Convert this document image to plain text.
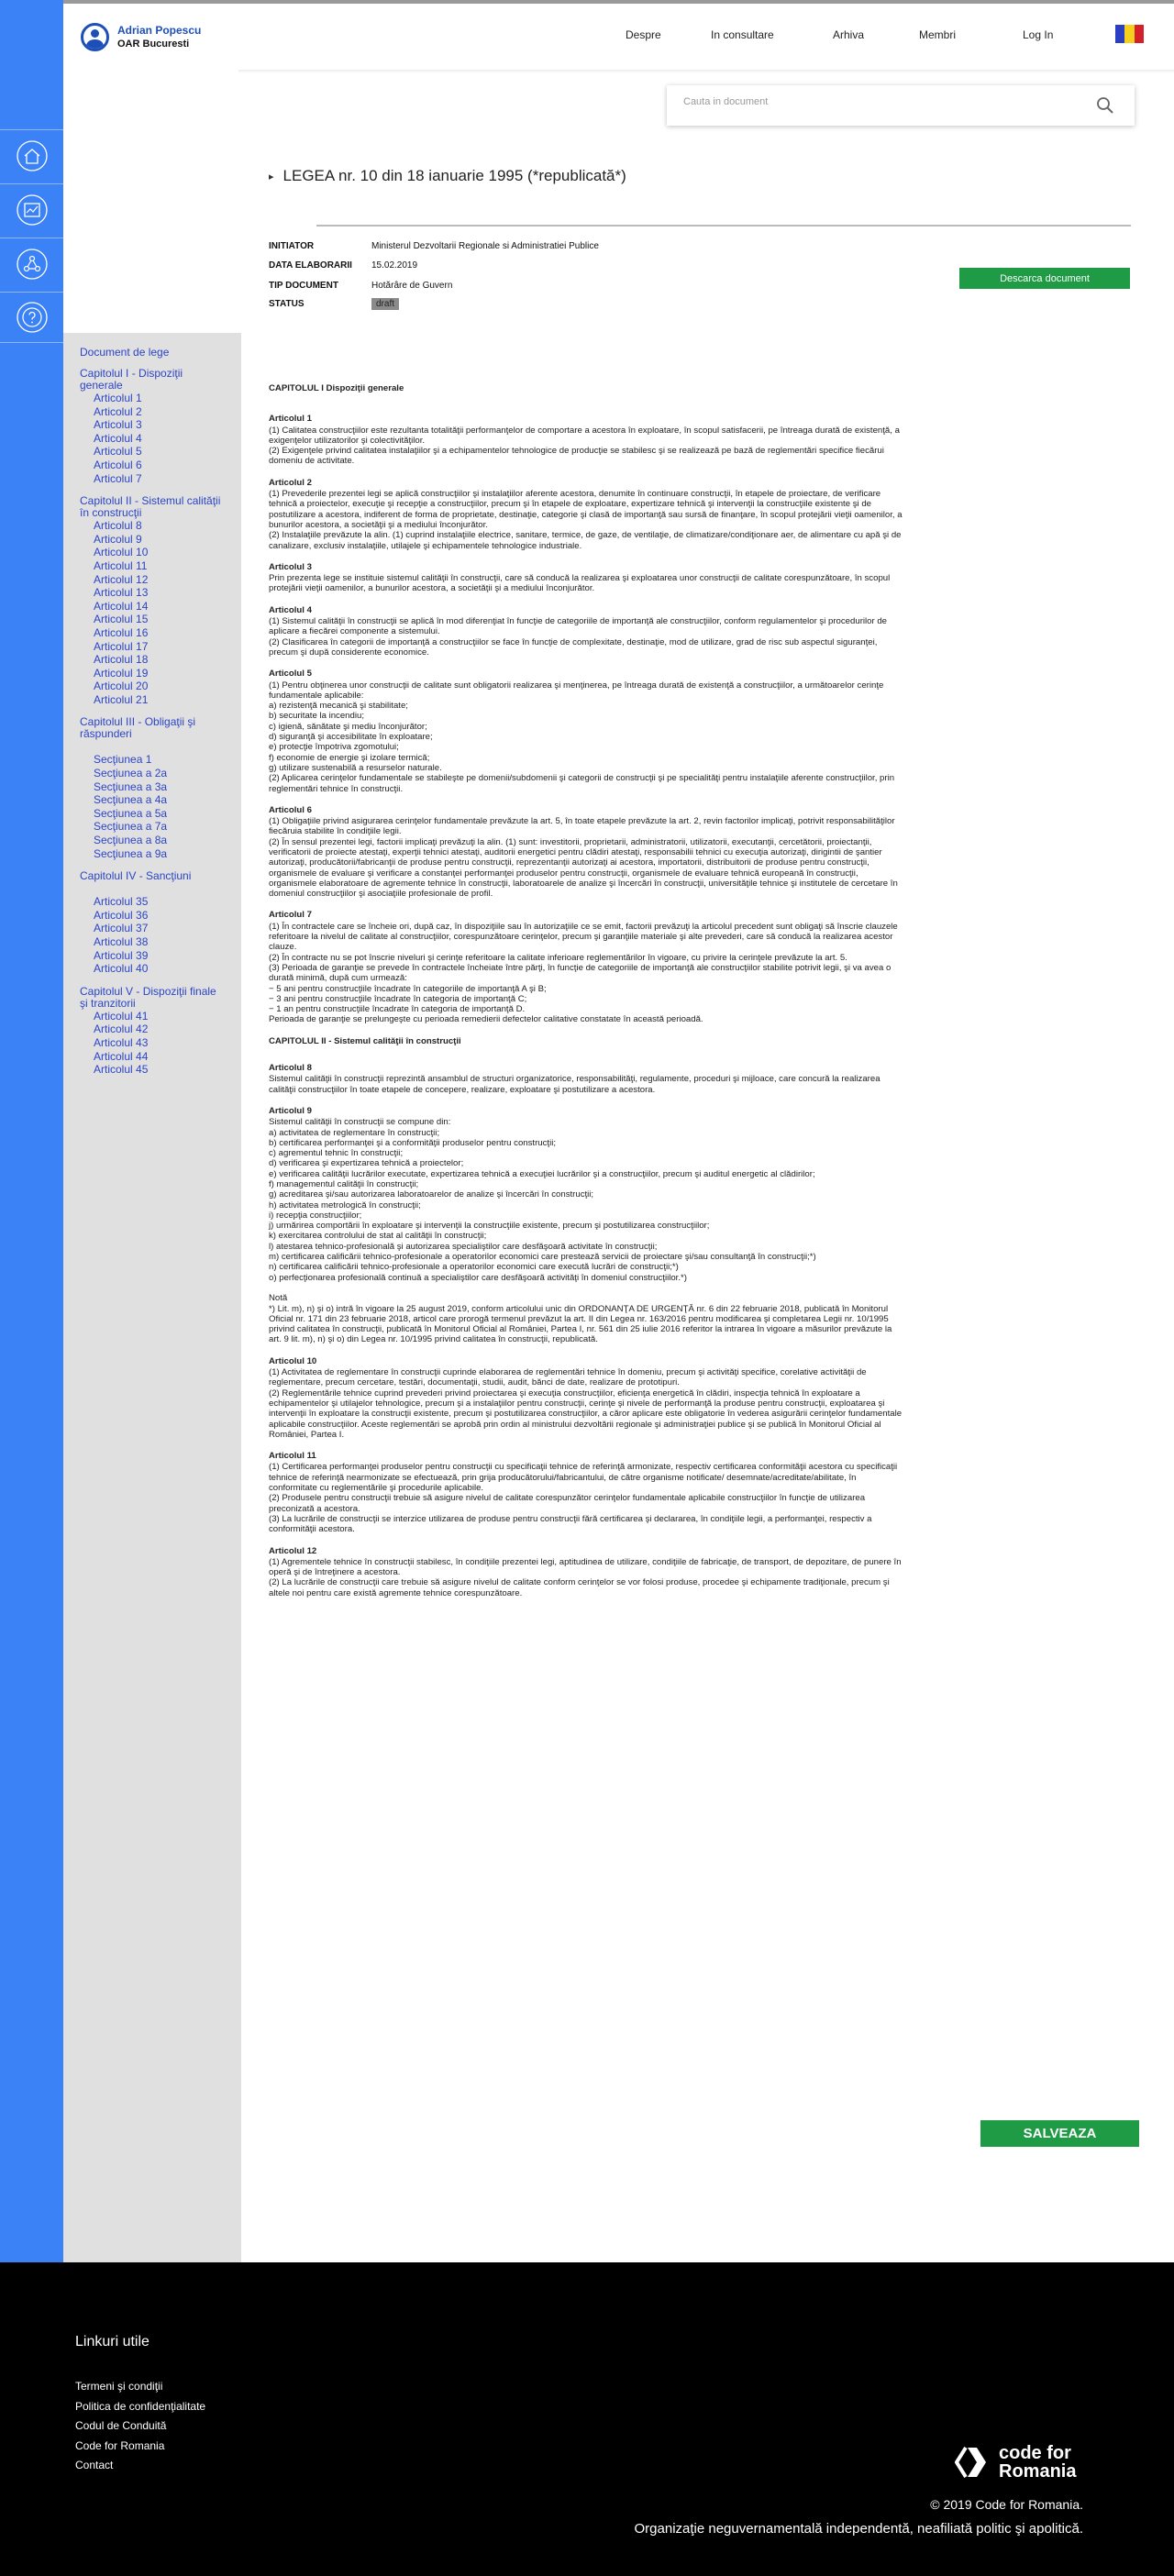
Adrian Popescu
OAR Bucuresti
Despre	In consultare	Arhiva	Membri	Log In
Cauta in document
▸ LEGEA nr. 10 din 18 ianuarie 1995 (*republicată*)
INITIATOR	Ministerul Dezvoltarii Regionale si Administratiei Publice
DATA ELABORARII	15.02.2019
TIP DOCUMENT	Hotărâre de Guvern
STATUS	draft
Descarca document
Document de lege
Capitolul I - Dispoziţii generale
Articolul 1
Articolul 2
Articolul 3
Articolul 4
Articolul 5
Articolul 6
Articolul 7
Capitolul II - Sistemul calităţii în construcţii
Articolul 8
Articolul 9
Articolul 10
Articolul 11
Articolul 12
Articolul 13
Articolul 14
Articolul 15
Articolul 16
Articolul 17
Articolul 18
Articolul 19
Articolul 20
Articolul 21
Capitolul III - Obligaţii şi răspunderi
Secţiunea 1
Secţiunea a 2a
Secţiunea a 3a
Secţiunea a 4a
Secţiunea a 5a
Secţiunea a 7a
Secţiunea a 8a
Secţiunea a 9a
Capitolul IV - Sancţiuni
Articolul 35
Articolul 36
Articolul 37
Articolul 38
Articolul 39
Articolul 40
Capitolul V - Dispoziţii finale şi tranzitorii
Articolul 41
Articolul 42
Articolul 43
Articolul 44
Articolul 45
CAPITOLUL I Dispoziţii generale
Articolul 1

(1) Calitatea construcţiilor este rezultanta totalităţii performanţelor de comportare a acestora în exploatare, în scopul satisfacerii, pe întreaga durată de existenţă, a exigenţelor utilizatorilor şi colectivităţilor.
(2) Exigenţele privind calitatea instalaţiilor şi a echipamentelor tehnologice de producţie se stabilesc şi se realizează pe bază de reglementări specifice fiecărui domeniu de activitate.

Articolul 2

(1) Prevederile prezentei legi se aplică construcţiilor şi instalaţiilor aferente acestora, denumite în continuare construcţii, în etapele de proiectare, de verificare tehnică a proiectelor, execuţie şi recepţie a construcţiilor, precum şi în etapele de exploatare, expertizare tehnică şi intervenţii la construcţiile existente şi de postutilizare a acestora, indiferent de forma de proprietate, destinaţie, categorie şi clasă de importanţă sau sursă de finanţare, în scopul protejării vieţii oamenilor, a bunurilor acestora, a societăţii şi a mediului înconjurător.
(2) Instalaţiile prevăzute la alin. (1) cuprind instalaţiile electrice, sanitare, termice, de gaze, de ventilaţie, de climatizare/condiţionare aer, de alimentare cu apă şi de canalizare, exclusiv instalaţiile, utilajele şi echipamentele tehnologice industriale.

Articolul 3

Prin prezenta lege se instituie sistemul calităţii în construcţii, care să conducă la realizarea şi exploatarea unor construcţii de calitate corespunzătoare, în scopul protejării vieţii oamenilor, a bunurilor acestora, a societăţii şi a mediului înconjurător.

Articolul 4

(1) Sistemul calităţii în construcţii se aplică în mod diferenţiat în funcţie de categoriile de importanţă ale construcţiilor, conform regulamentelor şi procedurilor de aplicare a fiecărei componente a sistemului.
(2) Clasificarea în categorii de importanţă a construcţiilor se face în funcţie de complexitate, destinaţie, mod de utilizare, grad de risc sub aspectul siguranţei, precum şi după considerente economice.

Articolul 5

(1) Pentru obţinerea unor construcţii de calitate sunt obligatorii realizarea şi menţinerea, pe întreaga durată de existenţă a construcţiilor, a următoarelor cerinţe fundamentale aplicabile:
a) rezistenţă mecanică şi stabilitate;
b) securitate la incendiu;
c) igienă, sănătate şi mediu înconjurător;
d) siguranţă şi accesibilitate în exploatare;
e) protecţie împotriva zgomotului;
f) economie de energie şi izolare termică;
g) utilizare sustenabilă a resurselor naturale.
(2) Aplicarea cerinţelor fundamentale se stabileşte pe domenii/subdomenii şi categorii de construcţii şi pe specialităţi pentru instalaţiile aferente construcţiilor, prin reglementări tehnice în construcţii.

Articolul 6

(1) Obligaţiile privind asigurarea cerinţelor fundamentale prevăzute la art. 5, în toate etapele prevăzute la art. 2, revin factorilor implicaţi, potrivit responsabilităţilor fiecăruia stabilite în condiţiile legii.
(2) În sensul prezentei legi, factorii implicaţi prevăzuţi la alin. (1) sunt: investitorii, proprietarii, administratorii, utilizatorii, executanţii, cercetătorii, proiectanţii, verificatorii de proiecte atestaţi, experţii tehnici atestaţi, auditorii energetici pentru clădiri atestaţi, responsabilii tehnici cu execuţia autorizaţi, dirigintii de şantier autorizaţi, producătorii/fabricanţii de produse pentru construcţii, reprezentanţii autorizaţi ai acestora, importatorii, distribuitorii de produse pentru construcţii, organismele de evaluare şi verificare a constanţei performanţei produselor pentru construcţii, organismele de evaluare tehnică europeană în construcţii, organismele elaboratoare de agremente tehnice în construcţii, laboratoarele de analize şi încercări în construcţii, universităţile tehnice şi institutele de cercetare în domeniul construcţiilor şi asociaţiile profesionale de profil.

Articolul 7

(1) În contractele care se încheie ori, după caz, în dispoziţiile sau în autorizaţiile ce se emit, factorii prevăzuţi la articolul precedent sunt obligaţi să înscrie clauzele referitoare la nivelul de calitate al construcţiilor, corespunzătoare cerinţelor, precum şi garanţiile materiale şi alte prevederi, care să conducă la realizarea acestor clauze.
(2) În contracte nu se pot înscrie niveluri şi cerinţe referitoare la calitate inferioare reglementărilor în vigoare, cu privire la cerinţele prevăzute la art. 5.
(3) Perioada de garanţie se prevede în contractele încheiate între părţi, în funcţie de categoriile de importanţă ale construcţiilor stabilite potrivit legii, şi va avea o durată minimă, după cum urmează:
− 5 ani pentru construcţiile încadrate în categoriile de importanţă A şi B;
− 3 ani pentru construcţiile încadrate în categoria de importanţă C;
− 1 an pentru construcţiile încadrate în categoria de importanţă D.
Perioada de garanţie se prelungeşte cu perioada remedierii defectelor calitative constatate în această perioadă.

CAPITOLUL II - Sistemul calităţii în construcţii
Articolul 8

Sistemul calităţii în construcţii reprezintă ansamblul de structuri organizatorice, responsabilităţi, regulamente, proceduri şi mijloace, care concură la realizarea calităţii construcţiilor în toate etapele de concepere, realizare, exploatare şi postutilizare a acestora.

Articolul 9

Sistemul calităţii în construcţii se compune din:
a) activitatea de reglementare în construcţii;
b) certificarea performanţei şi a conformităţii produselor pentru construcţii;
c) agrementul tehnic în construcţii;
d) verificarea şi expertizarea tehnică a proiectelor;
e) verificarea calităţii lucrărilor executate, expertizarea tehnică a execuţiei lucrărilor şi a construcţiilor, precum şi auditul energetic al clădirilor;
f) managementul calităţii în construcţii;
g) acreditarea şi/sau autorizarea laboratoarelor de analize şi încercări în construcţii;
h) activitatea metrologică în construcţii;
i) recepţia construcţiilor;
j) urmărirea comportării în exploatare şi intervenţii la construcţiile existente, precum şi postutilizarea construcţiilor;
k) exercitarea controlului de stat al calităţii în construcţii;
l) atestarea tehnico-profesională şi autorizarea specialiştilor care desfăşoară activitate în construcţii;
m) certificarea calificării tehnico-profesionale a operatorilor economici care prestează servicii de proiectare şi/sau consultanţă în construcţii;*)
n) certificarea calificării tehnico-profesionale a operatorilor economici care execută lucrări de construcţii;*)
o) perfecţionarea profesională continuă a specialiştilor care desfăşoară activităţi în domeniul construcţiilor.*)

Notă
*) Lit. m), n) şi o) intră în vigoare la 25 august 2019, conform articolului unic din ORDONANŢA DE URGENŢĂ nr. 6 din 22 februarie 2018, publicată în Monitorul Oficial nr. 171 din 23 februarie 2018, articol care prorogă termenul prevăzut la art. II din Legea nr. 163/2016 pentru modificarea şi completarea Legii nr. 10/1995 privind calitatea în construcţii, publicată în Monitorul Oficial al României, Partea I, nr. 561 din 25 iulie 2016 referitor la intrarea în vigoare a măsurilor prevăzute la art. 9 lit. m), n) şi o) din Legea nr. 10/1995 privind calitatea în construcţii, republicată.

Articolul 10

(1) Activitatea de reglementare în construcţii cuprinde elaborarea de reglementări tehnice în domeniu, precum şi activităţi specifice, corelative activităţii de reglementare, precum cercetare, testări, documentaţii, studii, audit, bănci de date, realizare de prototipuri.
(2) Reglementările tehnice cuprind prevederi privind proiectarea şi execuţia construcţiilor, eficienţa energetică în clădiri, inspecţia tehnică în exploatare a echipamentelor şi utilajelor tehnologice, precum şi a instalaţiilor pentru construcţii, cerinţe şi nivele de performanţă la produse pentru construcţii, exploatarea şi intervenţii în exploatare la construcţii existente, precum şi postutilizarea construcţiilor, a căror aplicare este obligatorie în vederea asigurării cerinţelor fundamentale aplicabile construcţiilor. Aceste reglementări se aprobă prin ordin al ministrului dezvoltării regionale şi administraţiei publice şi se publică în Monitorul Oficial al României, Partea I.

Articolul 11

(1) Certificarea performanţei produselor pentru construcţii cu specificaţii tehnice de referinţă armonizate, respectiv certificarea conformităţii acestora cu specificaţii tehnice de referinţă nearmonizate se efectuează, prin grija producătorului/fabricantului, de către organisme notificate/ desemnate/acreditate/abilitate, în conformitate cu reglementările şi procedurile aplicabile.
(2) Produsele pentru construcţii trebuie să asigure nivelul de calitate corespunzător cerinţelor fundamentale aplicabile construcţiilor în funcţie de utilizarea preconizată a acestora.
(3) La lucrările de construcţii se interzice utilizarea de produse pentru construcţii fără certificarea şi declararea, în condiţiile legii, a performanţei, respectiv a conformităţii acestora.

Articolul 12

(1) Agrementele tehnice în construcţii stabilesc, în condiţiile prezentei legi, aptitudinea de utilizare, condiţiile de fabricaţie, de transport, de depozitare, de punere în operă şi de întreţinere a acestora.
(2) La lucrările de construcţii care trebuie să asigure nivelul de calitate conform cerinţelor se vor folosi produse, procedee şi echipamente tradiţionale, precum şi altele noi pentru care există agremente tehnice corespunzătoare.

SALVEAZA
Linkuri utile
Termeni şi condiţii
Politica de confidenţialitate
Codul de Conduită
Code for Romania
Contact
code for
Romania
© 2019 Code for Romania.
Organizaţie neguvernamentală independentă, neafiliată politic şi apolitică.
